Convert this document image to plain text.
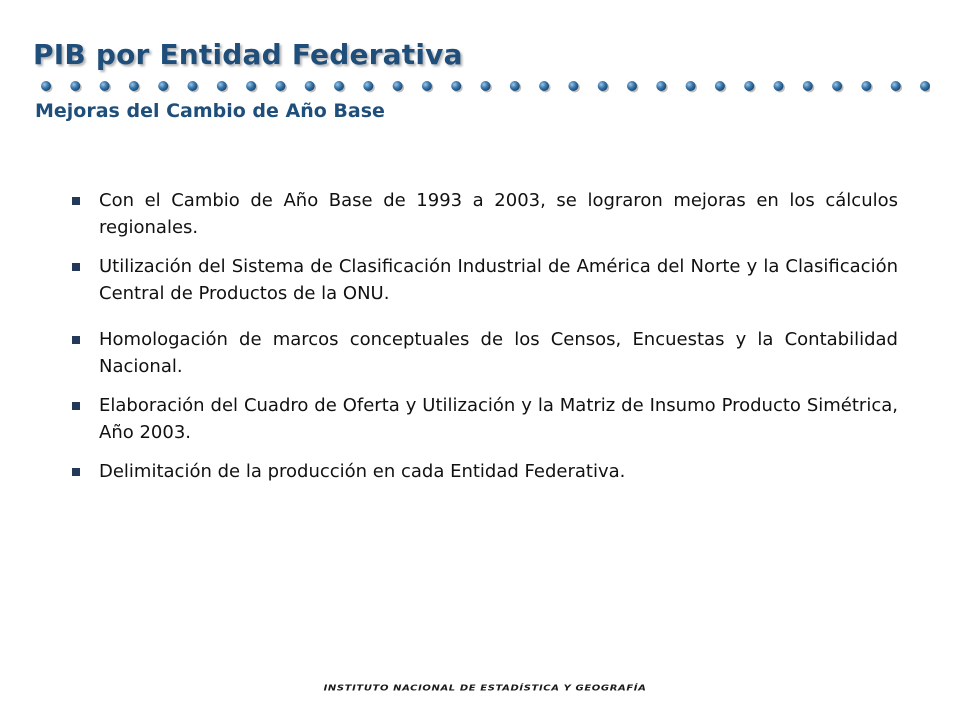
PIB por Entidad Federativa
Mejoras del Cambio de Año Base
Con el Cambio de Año Base de 1993 a 2003, se lograron mejoras en los cálculos regionales.
Utilización del Sistema de Clasificación Industrial de América del Norte y la Clasificación Central de Productos de la ONU.
Homologación de marcos conceptuales de los Censos, Encuestas y la Contabilidad Nacional.
Elaboración del Cuadro de Oferta y Utilización y la Matriz de Insumo Producto Simétrica, Año 2003.
Delimitación de la producción en cada Entidad Federativa.

INSTITUTO NACIONAL DE ESTADÍSTICA Y GEOGRAFÍA
